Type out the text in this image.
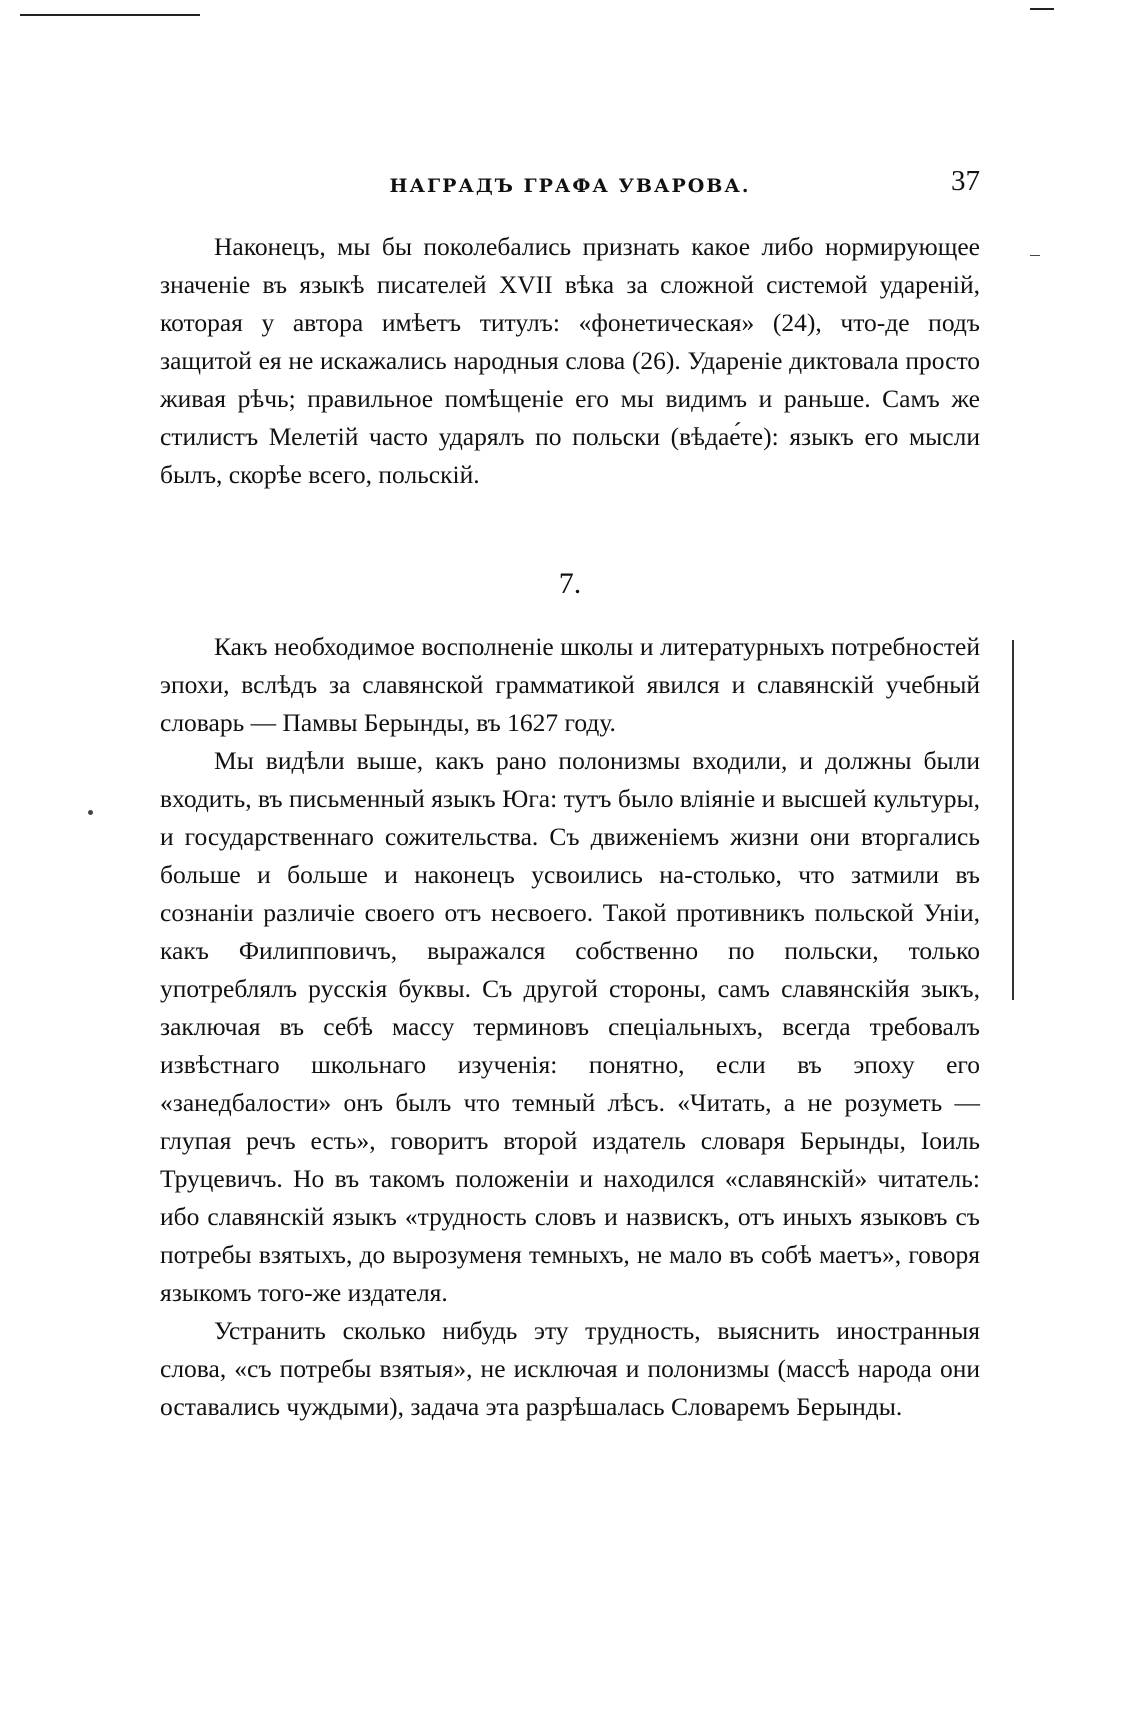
НАГРАДЪ ГРАФА УВАРОВА.	37

Наконецъ, мы бы поколебались признать какое либо нормирующее значеніе въ языкѣ писателей XVII вѣка за сложной системой удареній, которая у автора имѣетъ титулъ: «фонетическая» (24), что-де подъ защитой ея не искажались народныя слова (26). Удареніе диктовала просто живая рѣчь; правильное помѣщеніе его мы видимъ и раньше. Самъ же стилистъ Мелетій часто ударялъ по польски (вѣдае́те): языкъ его мысли былъ, скорѣе всего, польскій.

7.

Какъ необходимое восполненіе школы и литературныхъ потребностей эпохи, вслѣдъ за славянской грамматикой явился и славянскій учебный словарь — Памвы Берынды, въ 1627 году.

Мы видѣли выше, какъ рано полонизмы входили, и должны были входить, въ письменный языкъ Юга: тутъ было вліяніе и высшей культуры, и государственнаго сожительства. Съ движеніемъ жизни они вторгались больше и больше и наконецъ усвоились на-столько, что затмили въ сознаніи различіе своего отъ несвоего. Такой противникъ польской Уніи, какъ Филипповичъ, выражался собственно по польски, только употреблялъ русскія буквы. Съ другой стороны, самъ славянскійя зыкъ, заключая въ себѣ массу терминовъ спеціальныхъ, всегда требовалъ извѣстнаго школьнаго изученія: понятно, если въ эпоху его «занедбалости» онъ былъ что темный лѣсъ. «Читать, а не розуметь — глупая речъ есть», говоритъ второй издатель словаря Берынды, Іоиль Труцевичъ. Но въ такомъ положеніи и находился «славянскій» читатель: ибо славянскій языкъ «трудность словъ и назвискъ, отъ иныхъ языковъ съ потребы взятыхъ, до вырозуменя темныхъ, не мало въ собѣ маетъ», говоря языкомъ того-же издателя.

Устранить сколько нибудь эту трудность, выяснить иностранныя слова, «съ потребы взятыя», не исключая и полонизмы (массѣ народа они оставались чуждыми), задача эта разрѣшалась Словаремъ Берынды.
